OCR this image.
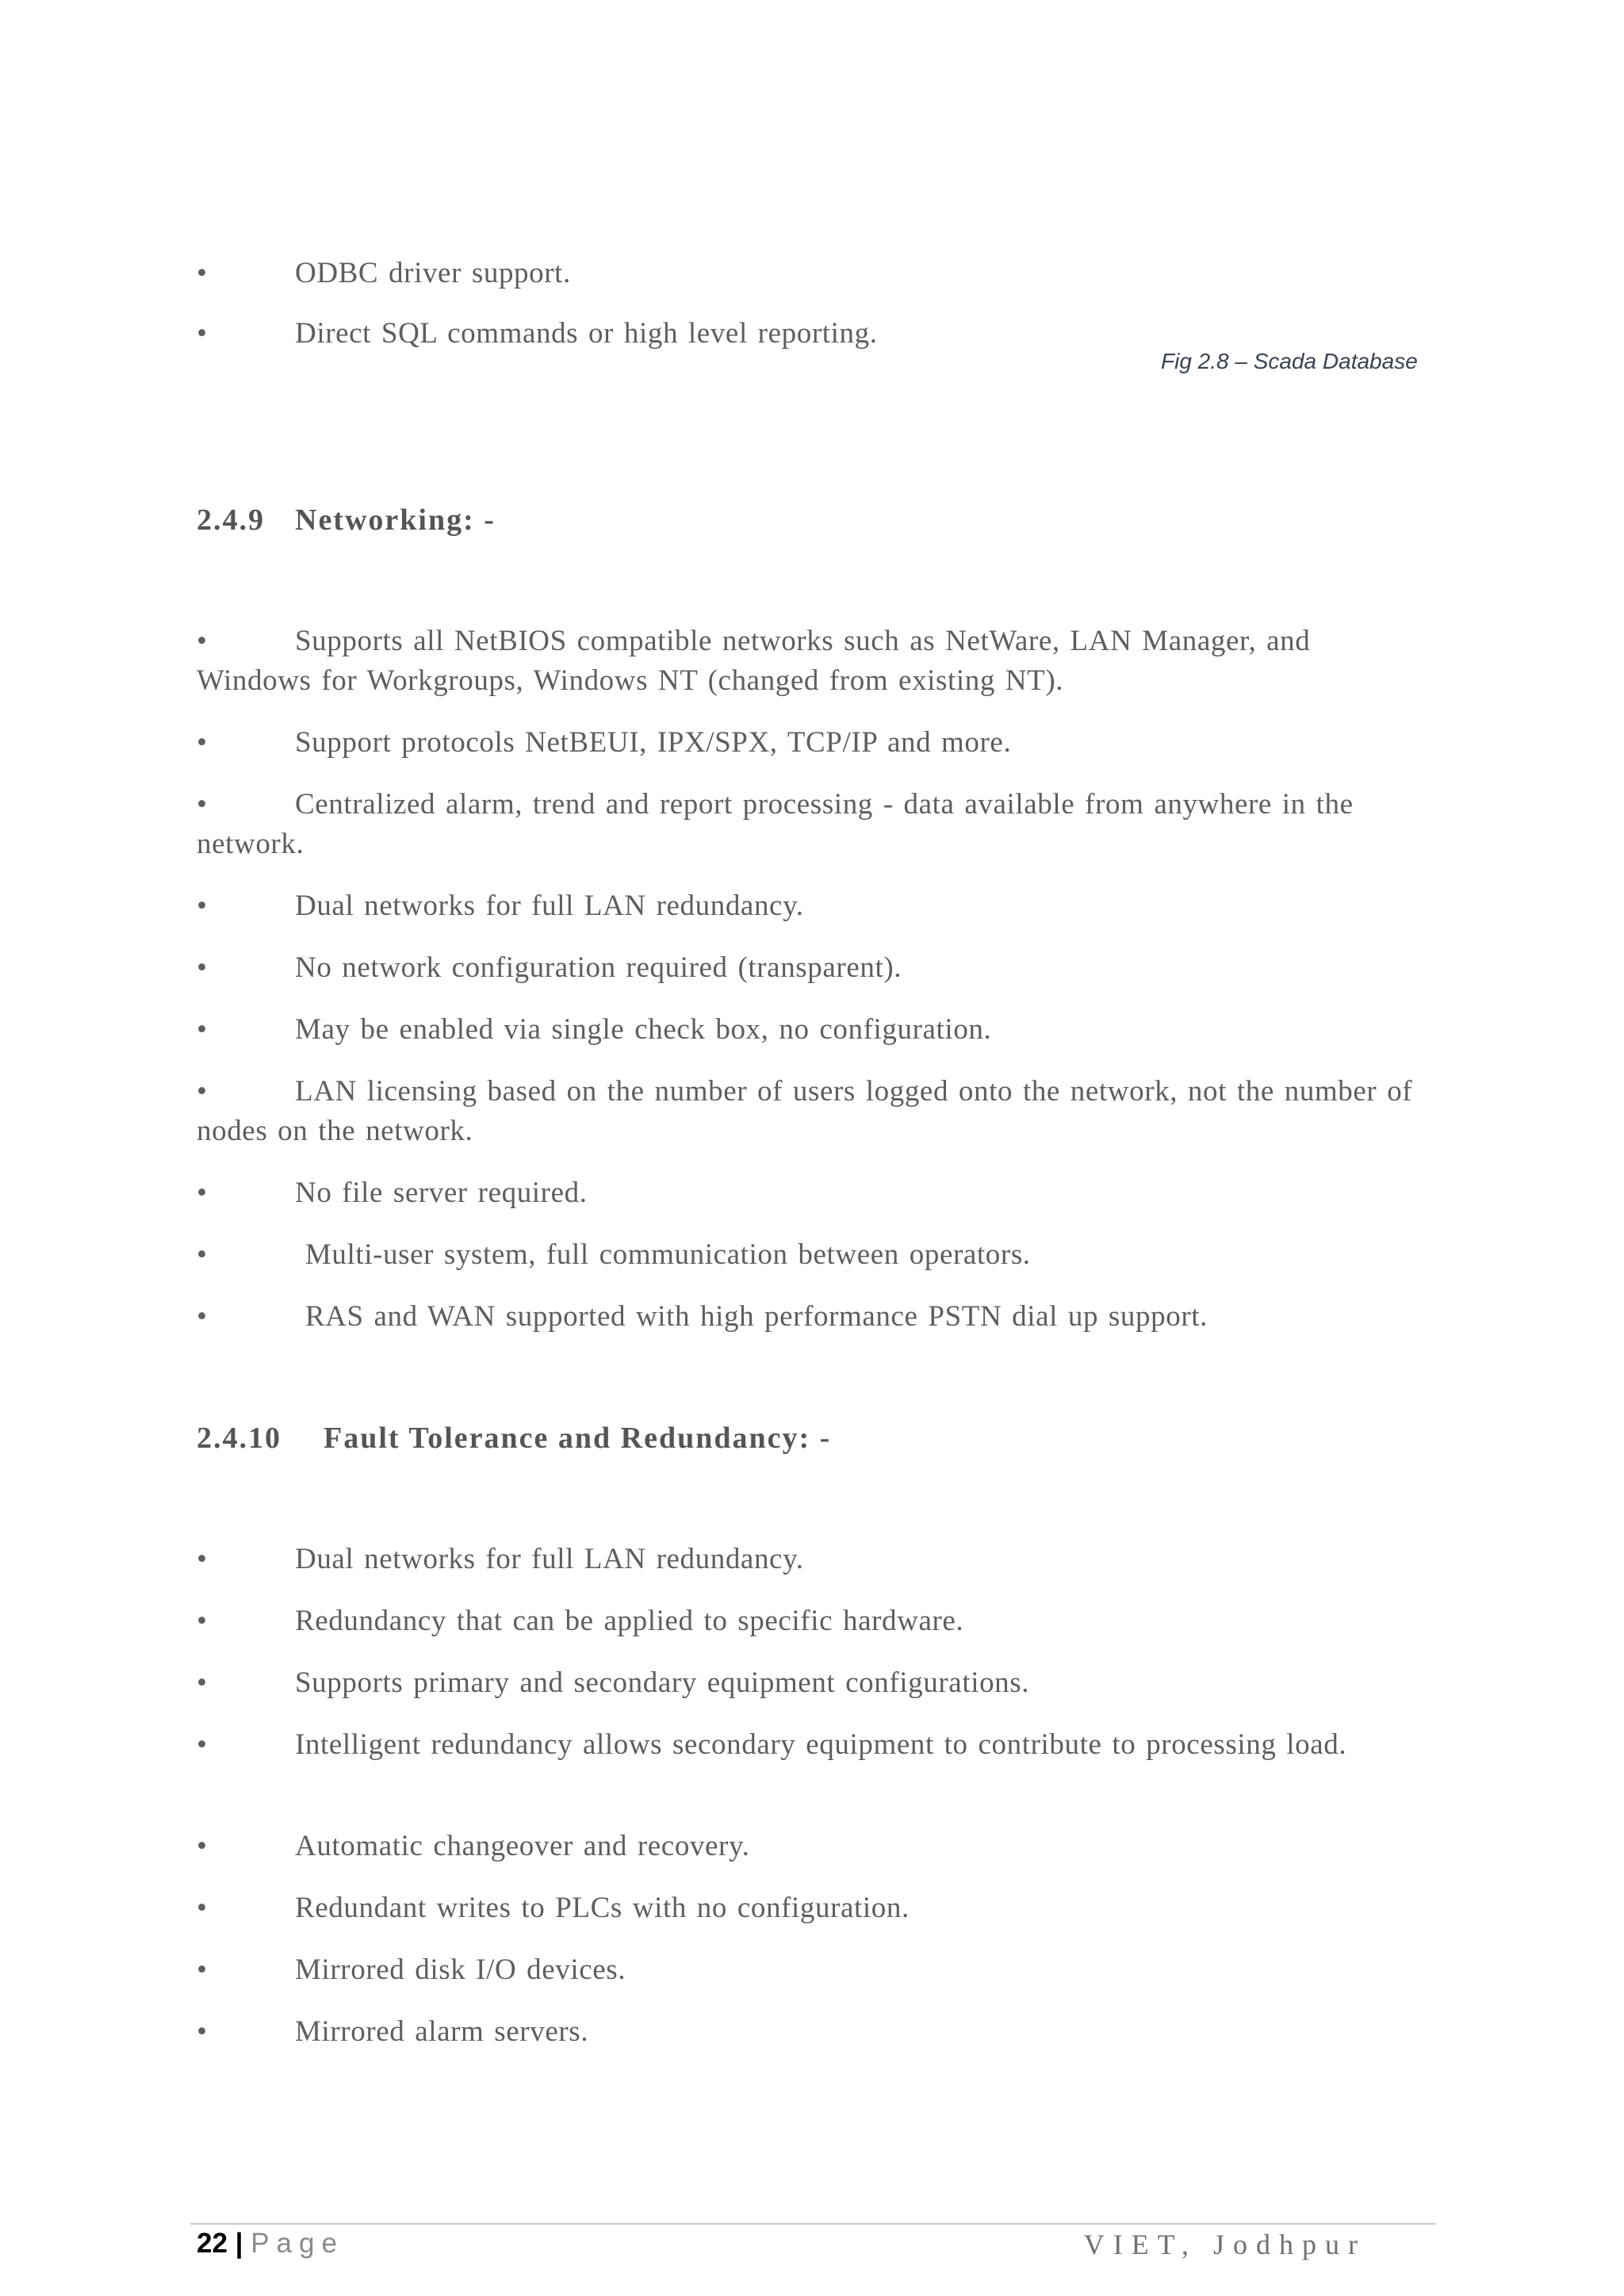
•	ODBC driver support.
•	Direct SQL commands or high level reporting.
Fig 2.8 – Scada Database
2.4.9 Networking: -
•	Supports all NetBIOS compatible networks such as NetWare, LAN Manager, and Windows for Workgroups, Windows NT (changed from existing NT).
•	Support protocols NetBEUI, IPX/SPX, TCP/IP and more.
•	Centralized alarm, trend and report processing - data available from anywhere in the network.
•	Dual networks for full LAN redundancy.
•	No network configuration required (transparent).
•	May be enabled via single check box, no configuration.
•	LAN licensing based on the number of users logged onto the network, not the number of nodes on the network.
•	No file server required.
•	Multi-user system, full communication between operators.
•	RAS and WAN supported with high performance PSTN dial up support.
2.4.10 Fault Tolerance and Redundancy: -
•	Dual networks for full LAN redundancy.
•	Redundancy that can be applied to specific hardware.
•	Supports primary and secondary equipment configurations.
•	Intelligent redundancy allows secondary equipment to contribute to processing load.
•	Automatic changeover and recovery.
•	Redundant writes to PLCs with no configuration.
•	Mirrored disk I/O devices.
•	Mirrored alarm servers.
22 | Page	VIET, Jodhpur
